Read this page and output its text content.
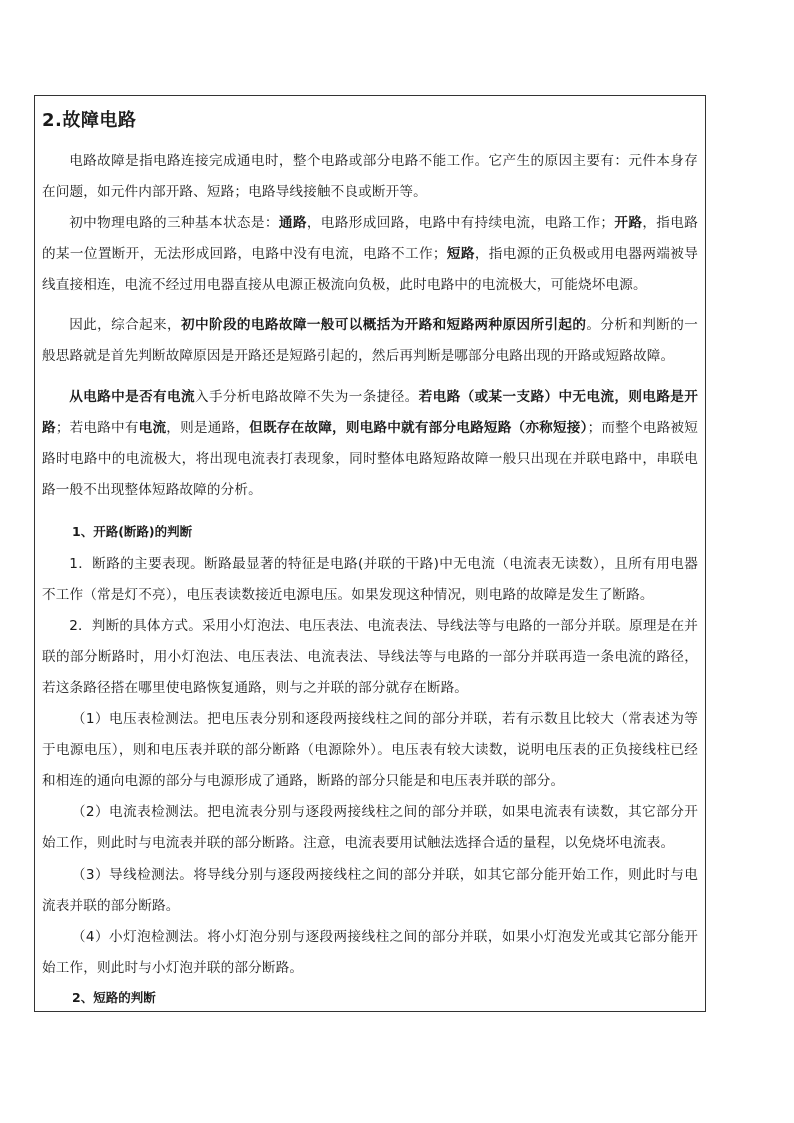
2.故障电路
电路故障是指电路连接完成通电时，整个电路或部分电路不能工作。它产生的原因主要有：元件本身存在问题，如元件内部开路、短路；电路导线接触不良或断开等。
初中物理电路的三种基本状态是：通路，电路形成回路，电路中有持续电流，电路工作；开路，指电路的某一位置断开，无法形成回路，电路中没有电流，电路不工作；短路，指电源的正负极或用电器两端被导线直接相连，电流不经过用电器直接从电源正极流向负极，此时电路中的电流极大，可能烧坏电源。
因此，综合起来，初中阶段的电路故障一般可以概括为开路和短路两种原因所引起的。分析和判断的一般思路就是首先判断故障原因是开路还是短路引起的，然后再判断是哪部分电路出现的开路或短路故障。
从电路中是否有电流入手分析电路故障不失为一条捷径。若电路（或某一支路）中无电流，则电路是开路；若电路中有电流，则是通路，但既存在故障，则电路中就有部分电路短路（亦称短接）；而整个电路被短路时电路中的电流极大，将出现电流表打表现象，同时整体电路短路故障一般只出现在并联电路中，串联电路一般不出现整体短路故障的分析。
1、开路(断路)的判断
1．断路的主要表现。断路最显著的特征是电路(并联的干路)中无电流（电流表无读数），且所有用电器不工作（常是灯不亮），电压表读数接近电源电压。如果发现这种情况，则电路的故障是发生了断路。
2．判断的具体方式。采用小灯泡法、电压表法、电流表法、导线法等与电路的一部分并联。原理是在并联的部分断路时，用小灯泡法、电压表法、电流表法、导线法等与电路的一部分并联再造一条电流的路径，若这条路径搭在哪里使电路恢复通路，则与之并联的部分就存在断路。
（1）电压表检测法。把电压表分别和逐段两接线柱之间的部分并联，若有示数且比较大（常表述为等于电源电压），则和电压表并联的部分断路（电源除外）。电压表有较大读数，说明电压表的正负接线柱已经和相连的通向电源的部分与电源形成了通路，断路的部分只能是和电压表并联的部分。
（2）电流表检测法。把电流表分别与逐段两接线柱之间的部分并联，如果电流表有读数，其它部分开始工作，则此时与电流表并联的部分断路。注意，电流表要用试触法选择合适的量程，以免烧坏电流表。
（3）导线检测法。将导线分别与逐段两接线柱之间的部分并联，如其它部分能开始工作，则此时与电流表并联的部分断路。
（4）小灯泡检测法。将小灯泡分别与逐段两接线柱之间的部分并联，如果小灯泡发光或其它部分能开始工作，则此时与小灯泡并联的部分断路。
2、短路的判断
